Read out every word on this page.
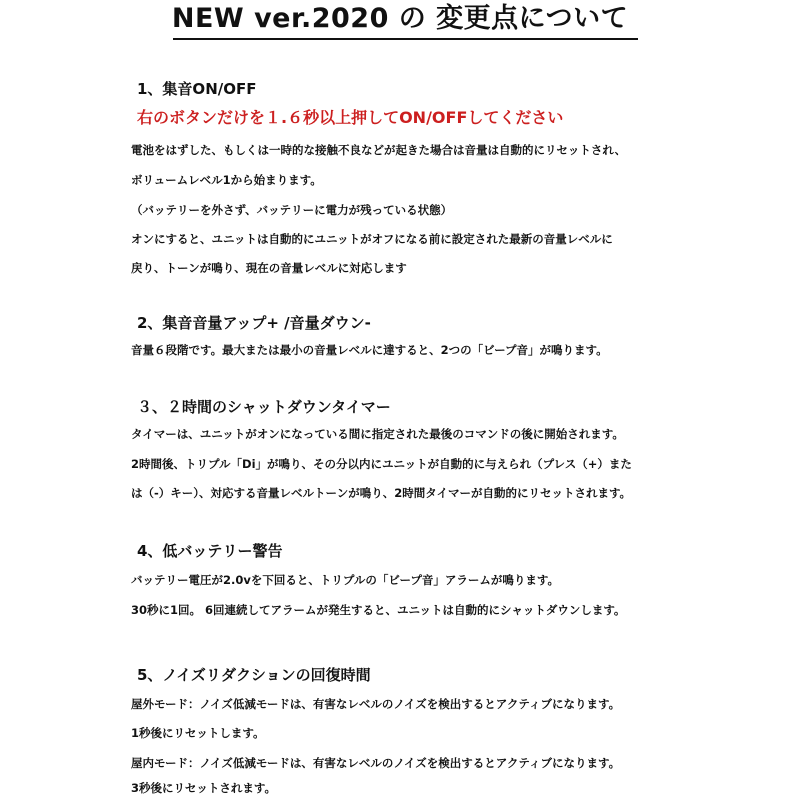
NEW ver.2020 の 変更点について
1、集音ON/OFF
右のボタンだけを１.６秒以上押してON/OFFしてください
電池をはずした、もしくは一時的な接触不良などが起きた場合は音量は自動的にリセットされ、
ボリュームレベル1から始まります。
（バッテリーを外さず、バッテリーに電力が残っている状態）
オンにすると、ユニットは自動的にユニットがオフになる前に設定された最新の音量レベルに
戻り、トーンが鳴り、現在の音量レベルに対応します
2、集音音量アップ+ /音量ダウン-
音量６段階です。最大または最小の音量レベルに達すると、2つの「ビープ音」が鳴ります。
３、２時間のシャットダウンタイマー
タイマーは、ユニットがオンになっている間に指定された最後のコマンドの後に開始されます。
2時間後、トリプル「Di」が鳴り、その分以内にユニットが自動的に与えられ（プレス（+）また
は（-）キー）、対応する音量レベルトーンが鳴り、2時間タイマーが自動的にリセットされます。
4、低バッテリー警告
バッテリー電圧が2.0vを下回ると、トリプルの「ビープ音」アラームが鳴ります。
30秒に1回。 6回連続してアラームが発生すると、ユニットは自動的にシャットダウンします。
5、ノイズリダクションの回復時間
屋外モード：ノイズ低減モードは、有害なレベルのノイズを検出するとアクティブになります。
1秒後にリセットします。
屋内モード：ノイズ低減モードは、有害なレベルのノイズを検出するとアクティブになります。
3秒後にリセットされます。
